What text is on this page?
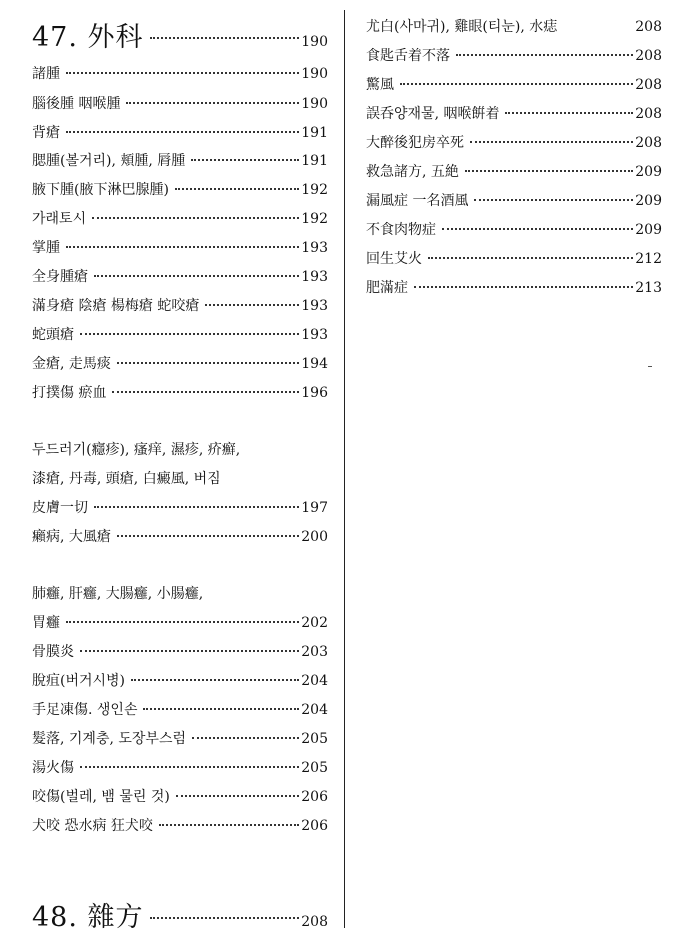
47. 外科	190
諸腫	190
腦後腫 咽喉腫	190
背瘡	191
腮腫(볼거리), 頬腫, 脣腫	191
腋下腫(腋下淋巴腺腫)	192
가래토시	192
掌腫	193
全身腫瘡	193
滿身瘡 陰瘡 楊梅瘡 蛇咬瘡	193
蛇頭瘡	193
金瘡, 走馬痰	194
打撲傷 瘀血	196
두드러기(癮疹), 瘙痒, 濕疹, 疥癬,
漆瘡, 丹毒, 頭瘡, 白癜風, 버짐
皮膚一切	197
癩病, 大風瘡	200
肺癰, 肝癰, 大腸癰, 小腸癰,
胃癰	202
骨膜炎	203
脫疽(버거시병)	204
手足凍傷. 생인손	204
髮落, 기계충, 도장부스럼	205
湯火傷	205
咬傷(벌레, 뱀 물린 것)	206
犬咬 恐水病 狂犬咬	206
48. 雜方	208
尤白(사마귀), 雞眼(티눈), 水痣	208
食匙舌着不落	208
驚風	208
誤呑양재물, 咽喉餠着	208
大醉後犯房卒死	208
救急諸方, 五絶	209
漏風症 一名酒風	209
不食肉物症	209
回生艾火	212
肥滿症	213
